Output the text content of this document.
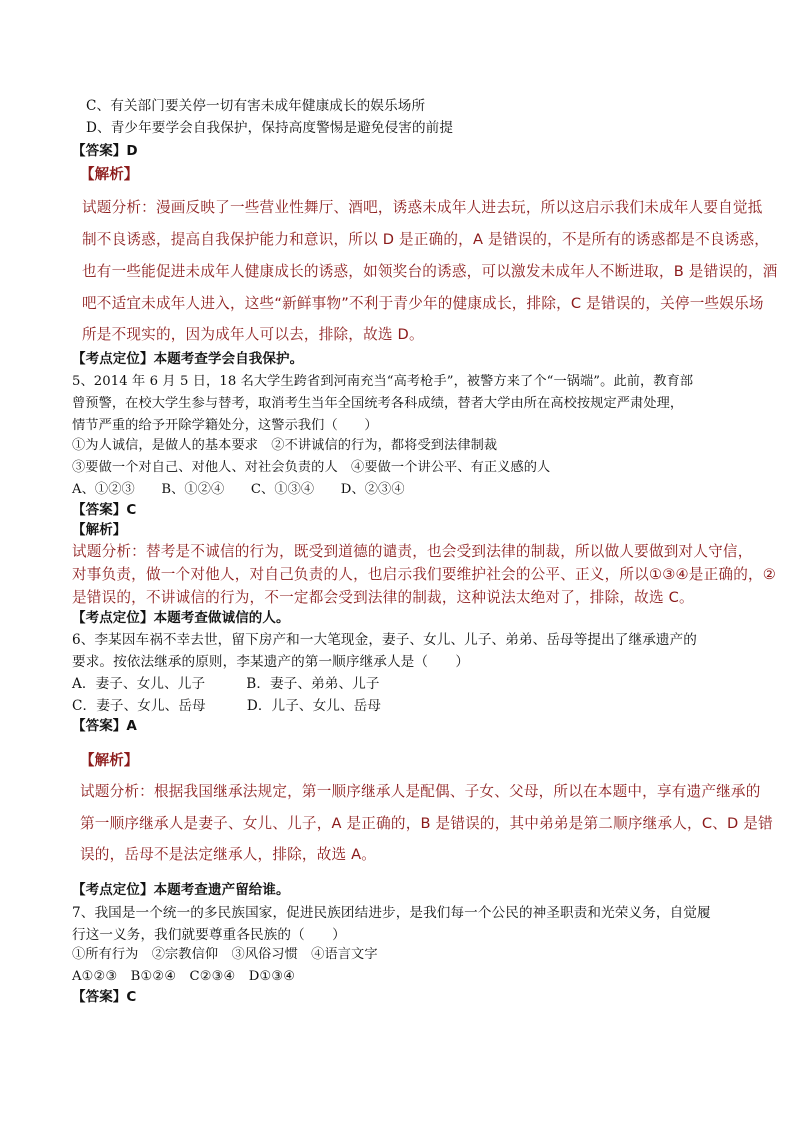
C、有关部门要关停一切有害未成年健康成长的娱乐场所
D、青少年要学会自我保护，保持高度警惕是避免侵害的前提
【答案】D
【解析】
试题分析：漫画反映了一些营业性舞厅、酒吧，诱惑未成年人进去玩，所以这启示我们未成年人要自觉抵
制不良诱惑，提高自我保护能力和意识，所以 D 是正确的，A 是错误的，不是所有的诱惑都是不良诱惑，
也有一些能促进未成年人健康成长的诱惑，如领奖台的诱惑，可以激发未成年人不断进取，B 是错误的，酒
吧不适宜未成年人进入，这些“新鲜事物”不利于青少年的健康成长，排除，C 是错误的，关停一些娱乐场
所是不现实的，因为成年人可以去，排除，故选 D。
【考点定位】本题考查学会自我保护。
5、2014 年 6 月 5 日，18 名大学生跨省到河南充当“高考枪手”，被警方来了个“一锅端”。此前，教育部
曾预警，在校大学生参与替考，取消考生当年全国统考各科成绩，替者大学由所在高校按规定严肃处理，
情节严重的给予开除学籍处分，这警示我们（　　）
①为人诚信，是做人的基本要求　②不讲诚信的行为，都将受到法律制裁
③要做一个对自己、对他人、对社会负责的人　④要做一个讲公平、有正义感的人
A、①②③　　B、①②④　　C、①③④　　D、②③④
【答案】C
【解析】
试题分析：替考是不诚信的行为，既受到道德的谴责，也会受到法律的制裁，所以做人要做到对人守信，
对事负责，做一个对他人，对自己负责的人，也启示我们要维护社会的公平、正义，所以①③④是正确的，②
是错误的，不讲诚信的行为，不一定都会受到法律的制裁，这种说法太绝对了，排除，故选 C。
【考点定位】本题考查做诚信的人。
6、李某因车祸不幸去世，留下房产和一大笔现金，妻子、女儿、儿子、弟弟、岳母等提出了继承遗产的
要求。按依法继承的原则，李某遗产的第一顺序继承人是（　　）
A．妻子、女儿、儿子　　　B．妻子、弟弟、儿子
C．妻子、女儿、岳母　　　D．儿子、女儿、岳母
【答案】A
【解析】
试题分析：根据我国继承法规定，第一顺序继承人是配偶、子女、父母，所以在本题中，享有遗产继承的
第一顺序继承人是妻子、女儿、儿子，A 是正确的，B 是错误的，其中弟弟是第二顺序继承人，C、D 是错
误的，岳母不是法定继承人，排除，故选 A。
【考点定位】本题考查遗产留给谁。
7、我国是一个统一的多民族国家，促进民族团结进步，是我们每一个公民的神圣职责和光荣义务，自觉履
行这一义务，我们就要尊重各民族的（　　）
①所有行为　②宗教信仰　③风俗习惯　④语言文字
A①②③　B①②④　C②③④　D①③④
【答案】C
